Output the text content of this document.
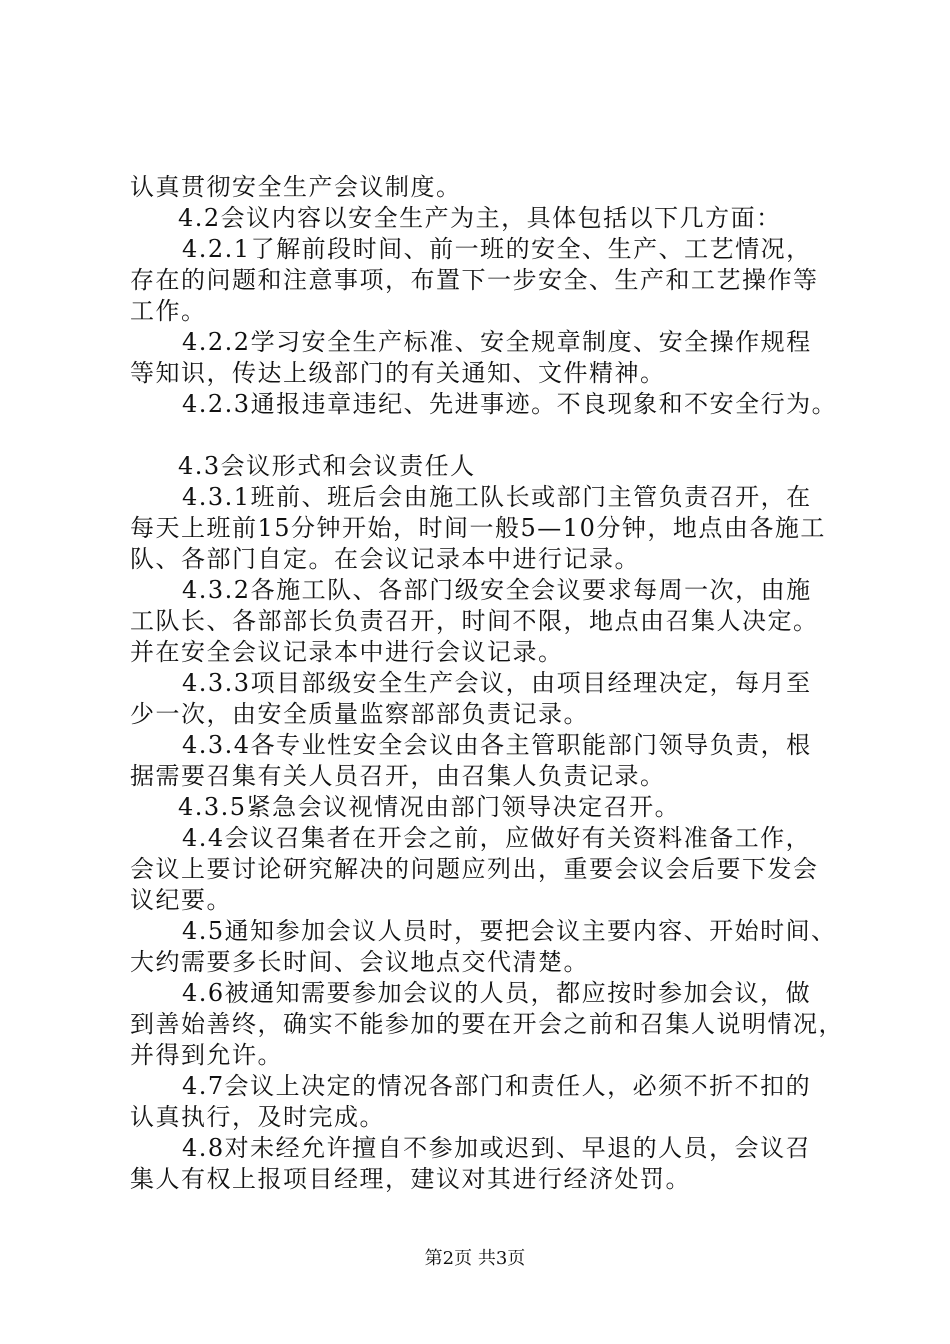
认真贯彻安全生产会议制度。
4.2会议内容以安全生产为主，具体包括以下几方面：
4.2.1了解前段时间、前一班的安全、生产、工艺情况，
存在的问题和注意事项，布置下一步安全、生产和工艺操作等
工作。
4.2.2学习安全生产标准、安全规章制度、安全操作规程
等知识，传达上级部门的有关通知、文件精神。
4.2.3通报违章违纪、先进事迹。不良现象和不安全行为。
4.3会议形式和会议责任人
4.3.1班前、班后会由施工队长或部门主管负责召开，在
每天上班前15分钟开始，时间一般5—10分钟，地点由各施工
队、各部门自定。在会议记录本中进行记录。
4.3.2各施工队、各部门级安全会议要求每周一次，由施
工队长、各部部长负责召开，时间不限，地点由召集人决定。
并在安全会议记录本中进行会议记录。
4.3.3项目部级安全生产会议，由项目经理决定，每月至
少一次，由安全质量监察部部负责记录。
4.3.4各专业性安全会议由各主管职能部门领导负责，根
据需要召集有关人员召开，由召集人负责记录。
4.3.5紧急会议视情况由部门领导决定召开。
4.4会议召集者在开会之前，应做好有关资料准备工作，
会议上要讨论研究解决的问题应列出，重要会议会后要下发会
议纪要。
4.5通知参加会议人员时，要把会议主要内容、开始时间、
大约需要多长时间、会议地点交代清楚。
4.6被通知需要参加会议的人员，都应按时参加会议，做
到善始善终，确实不能参加的要在开会之前和召集人说明情况，
并得到允许。
4.7会议上决定的情况各部门和责任人，必须不折不扣的
认真执行，及时完成。
4.8对未经允许擅自不参加或迟到、早退的人员，会议召
集人有权上报项目经理，建议对其进行经济处罚。
第2页 共3页
